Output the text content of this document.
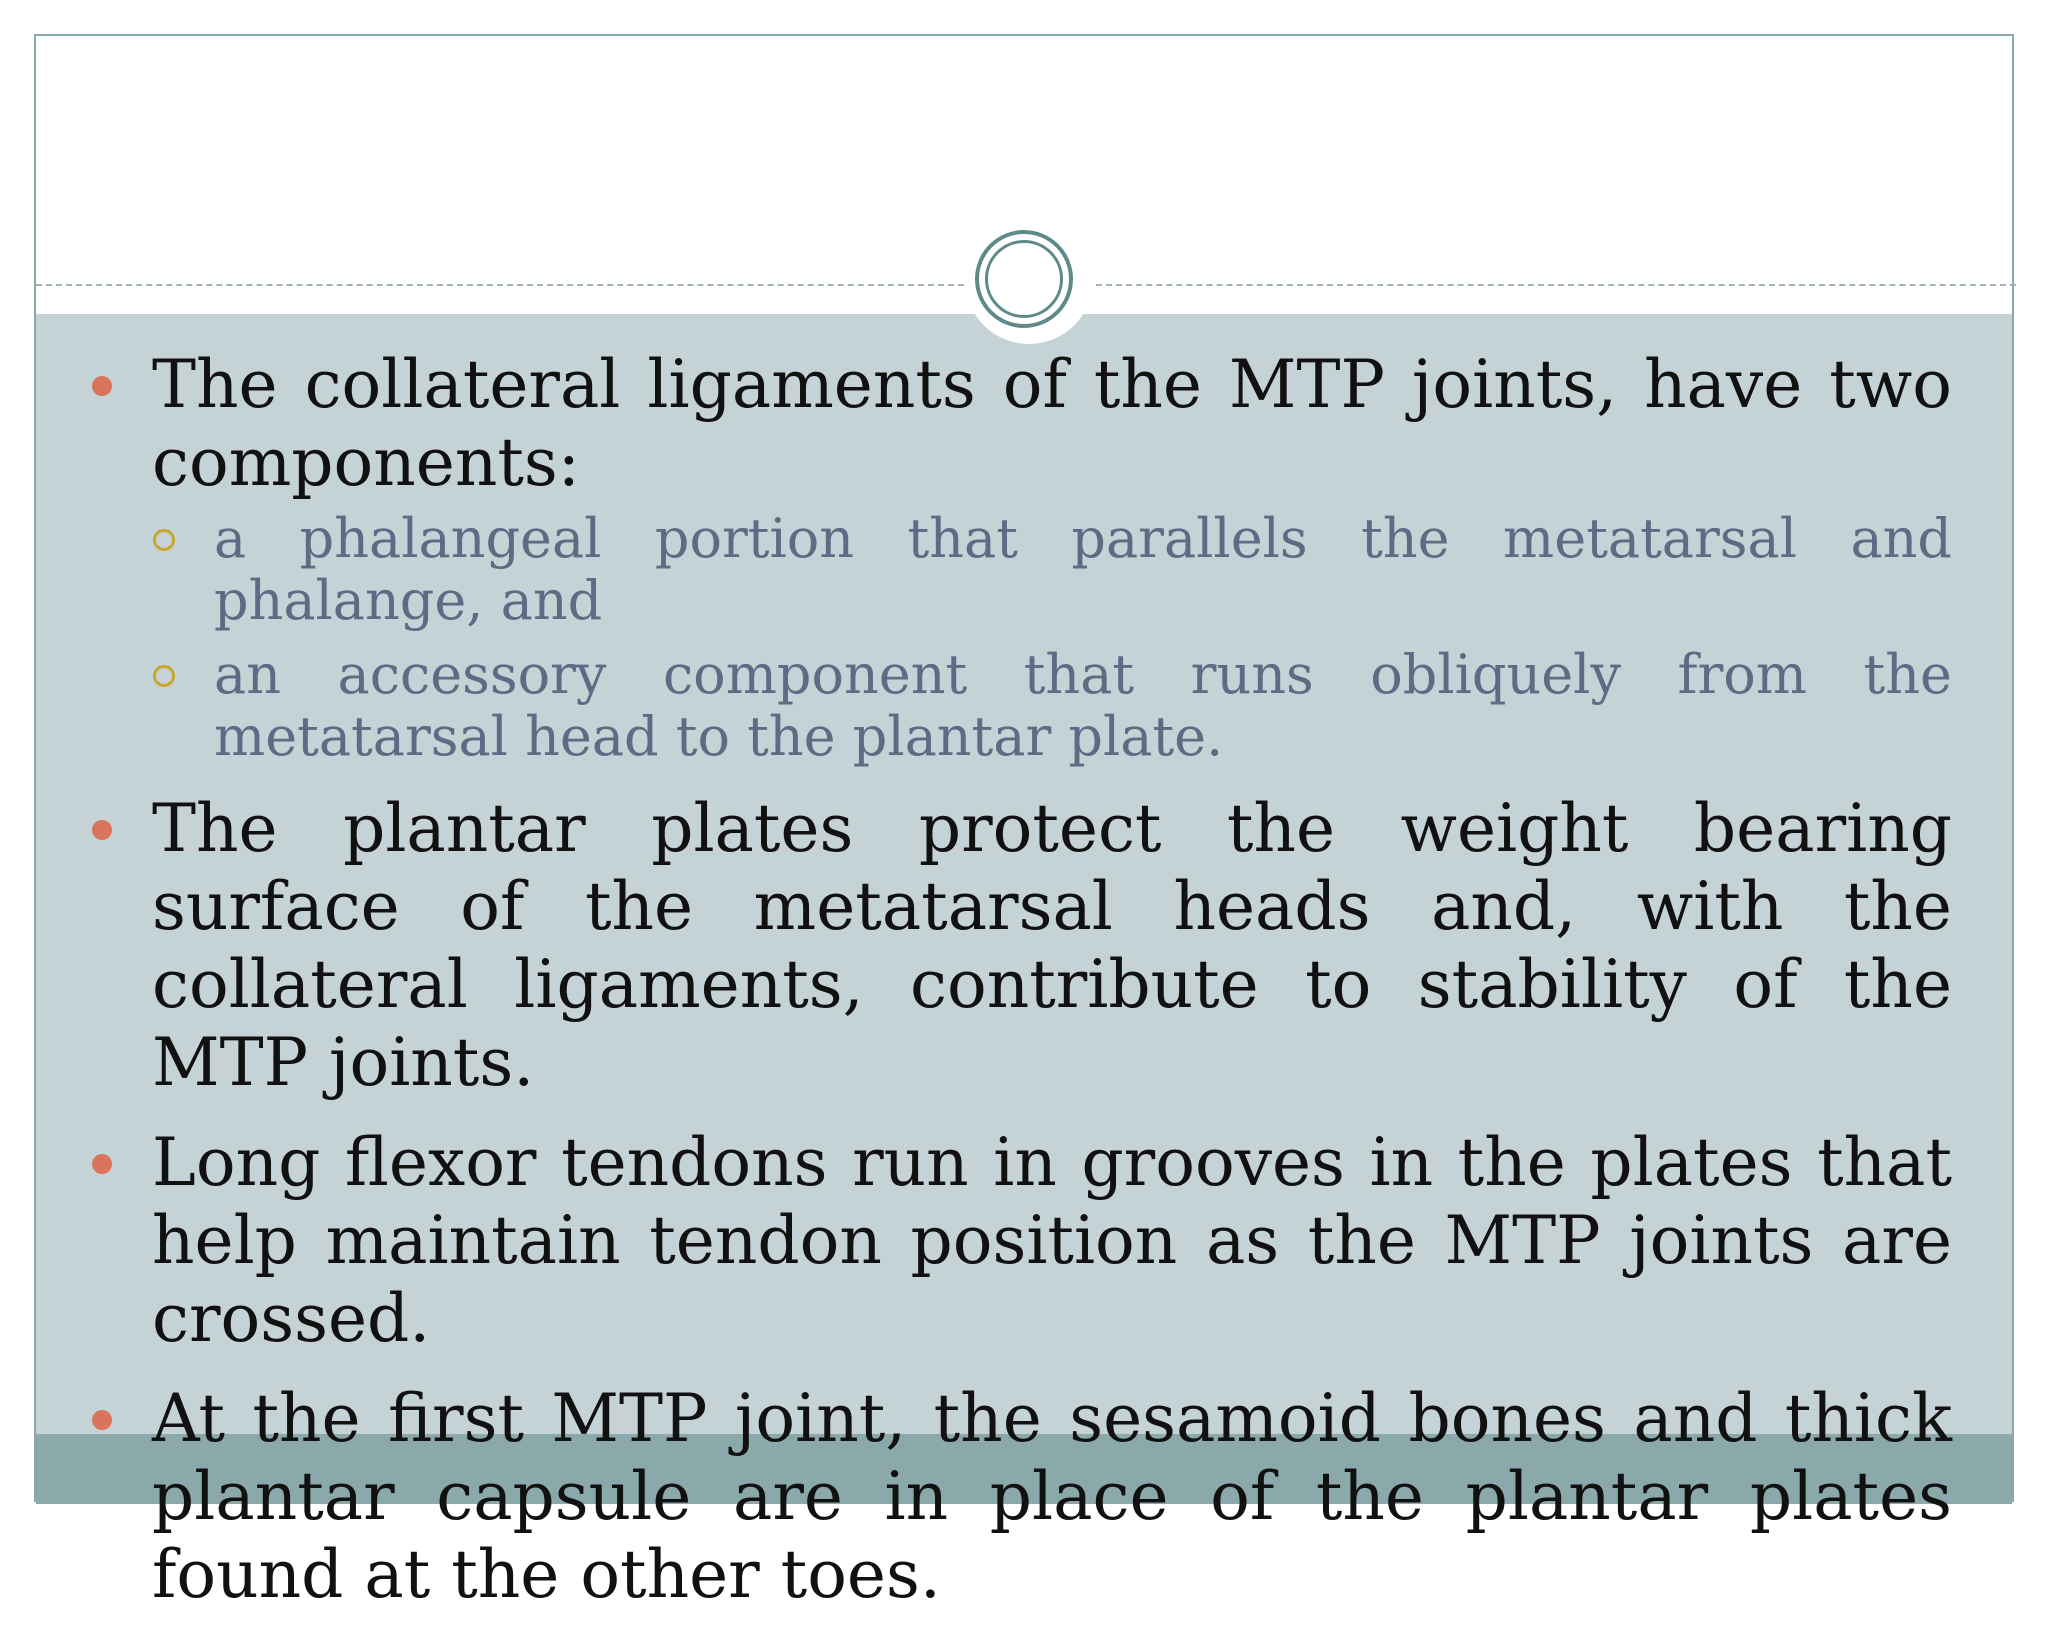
The collateral ligaments of the MTP joints, have two components:
a phalangeal portion that parallels the metatarsal and phalange, and
an accessory component that runs obliquely from the metatarsal head to the plantar plate.
The plantar plates protect the weight bearing surface of the metatarsal heads and, with the collateral ligaments, contribute to stability of the MTP joints.
Long flexor tendons run in grooves in the plates that help maintain tendon position as the MTP joints are crossed.
At the first MTP joint, the sesamoid bones and thick plantar capsule are in place of the plantar plates found at the other toes.
